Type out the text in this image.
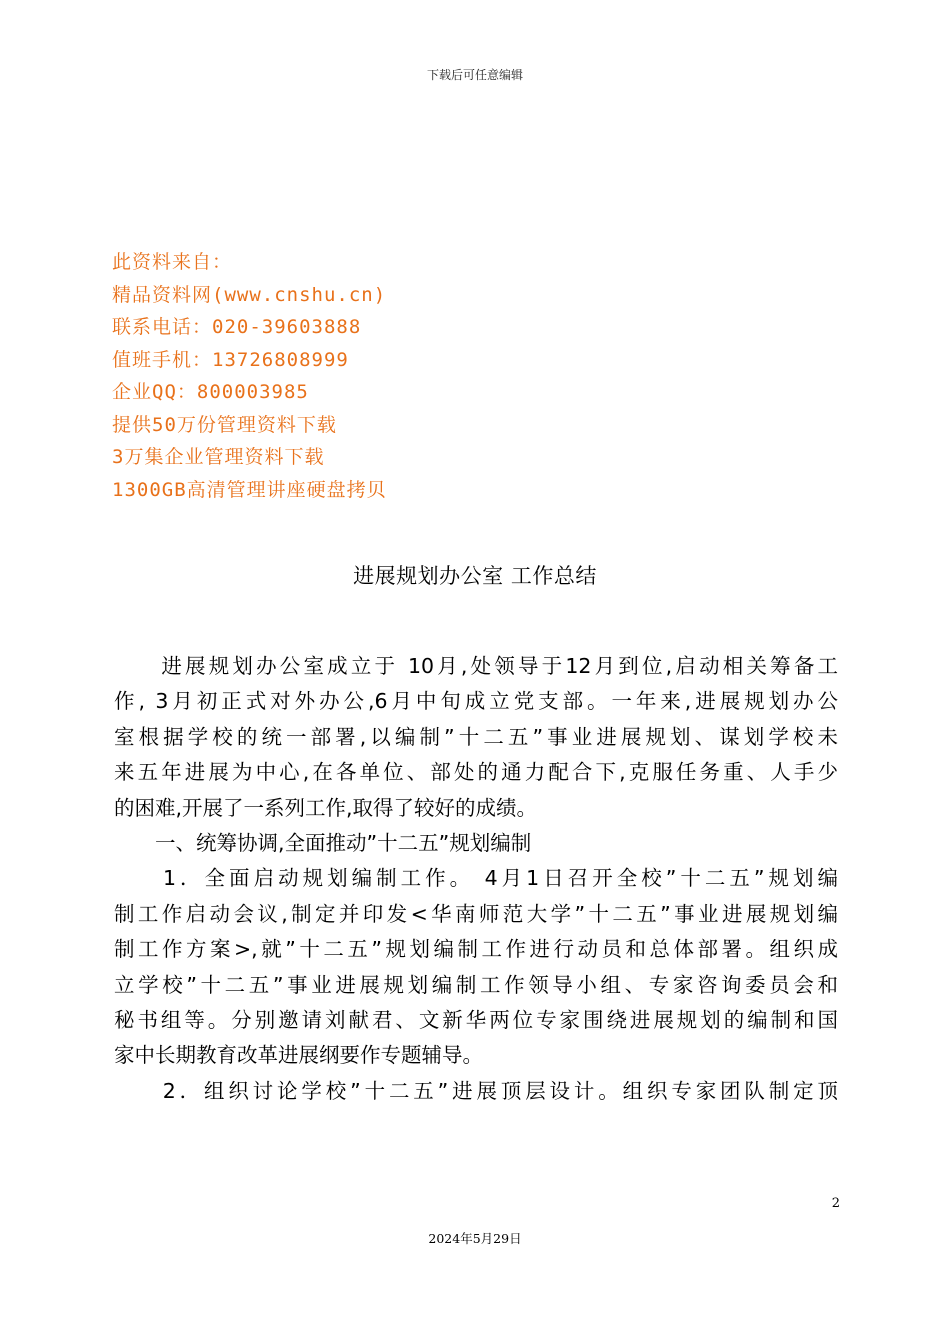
下载后可任意编辑
此资料来自：
精品资料网(www.cnshu.cn)
联系电话：020-39603888
值班手机：13726808999
企业QQ：800003985
提供50万份管理资料下载
3万集企业管理资料下载
1300GB高清管理讲座硬盘拷贝
进展规划办公室 工作总结
　　进展规划办公室成立于 10月,处领导于12月到位,启动相关筹备工
作, 3月初正式对外办公,6月中旬成立党支部。一年来,进展规划办公
室根据学校的统一部署,以编制”十二五”事业进展规划、谋划学校未
来五年进展为中心,在各单位、部处的通力配合下,克服任务重、人手少
的困难,开展了一系列工作,取得了较好的成绩。
　　一、统筹协调,全面推动”十二五”规划编制
　　1．全面启动规划编制工作。 4月1日召开全校”十二五”规划编
制工作启动会议,制定并印发<华南师范大学”十二五”事业进展规划编
制工作方案>,就”十二五”规划编制工作进行动员和总体部署。组织成
立学校”十二五”事业进展规划编制工作领导小组、专家咨询委员会和
秘书组等。分别邀请刘献君、文新华两位专家围绕进展规划的编制和国
家中长期教育改革进展纲要作专题辅导。
　　2．组织讨论学校”十二五”进展顶层设计。组织专家团队制定顶
2
2024年5月29日
